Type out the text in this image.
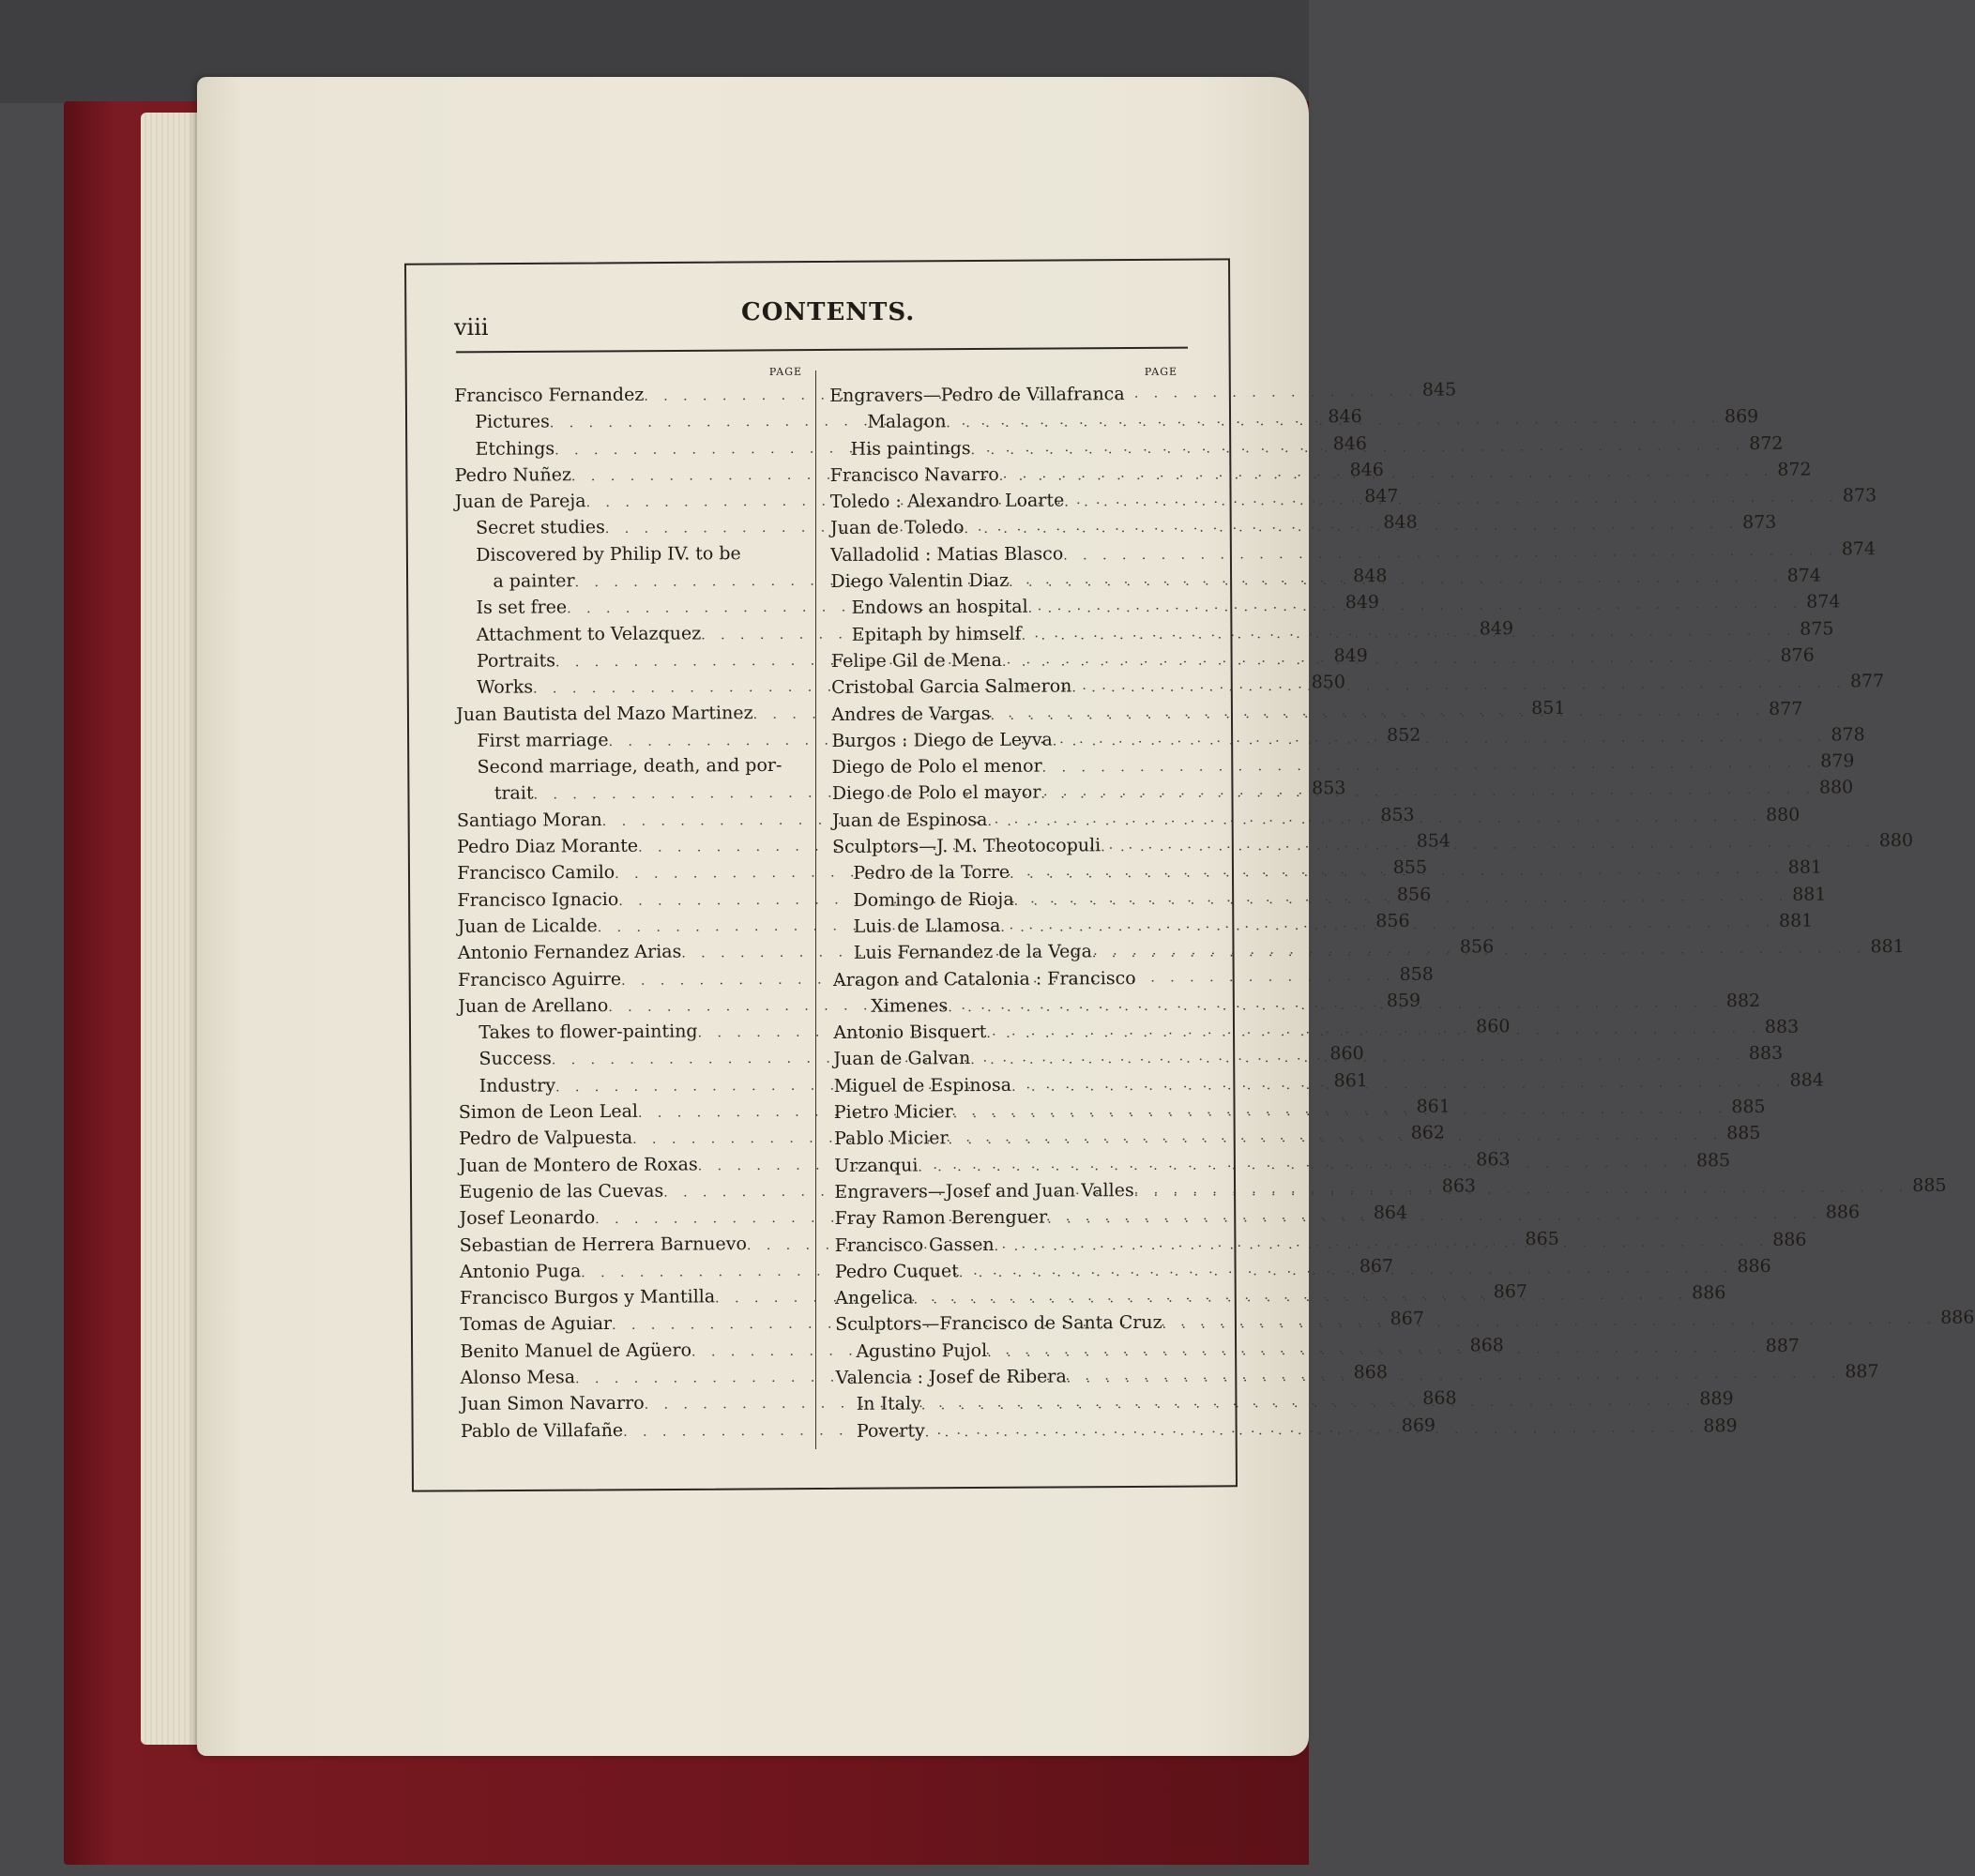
viii

CONTENTS.
PAGE
Francisco Fernandez . . .	845
Pictures . . .	846
Etchings . . .	846
Pedro Nuñez . . .	846
Juan de Pareja . . .	847
Secret studies . . .	848
Discovered by Philip IV. to be
a painter . . .	848
Is set free . . .	849
Attachment to Velazquez . . .	849
Portraits . . .	849
Works . . .	850
Juan Bautista del Mazo Martinez . . .	851
First marriage . . .	852
Second marriage, death, and por-
trait . . .	853
Santiago Moran . . .	853
Pedro Diaz Morante . . .	854
Francisco Camilo . . .	855
Francisco Ignacio . . .	856
Juan de Licalde . . .	856
Antonio Fernandez Arias . . .	856
Francisco Aguirre . . .	858
Juan de Arellano . . .	859
Takes to flower-painting . . .	860
Success . . .	860
Industry . . .	861
Simon de Leon Leal . . .	861
Pedro de Valpuesta . . .	862
Juan de Montero de Roxas . . .	863
Eugenio de las Cuevas . . .	863
Josef Leonardo . . .	864
Sebastian de Herrera Barnuevo . . .	865
Antonio Puga . . .	867
Francisco Burgos y Mantilla . . .	867
Tomas de Aguiar . . .	867
Benito Manuel de Agüero . . .	868
Alonso Mesa . . .	868
Juan Simon Navarro . . .	868
Pablo de Villafañe . . .	869
PAGE
Engravers—Pedro de Villafranca
Malagon . . .	869
His paintings . . .	872
Francisco Navarro . . .	872
Toledo : Alexandro Loarte . . .	873
Juan de Toledo . . .	873
Valladolid : Matias Blasco . . .	874
Diego Valentin Diaz . . .	874
Endows an hospital . . .	874
Epitaph by himself . . .	875
Felipe Gil de Mena . . .	876
Cristobal Garcia Salmeron . . .	877
Andres de Vargas . . .	877
Burgos : Diego de Leyva . . .	878
Diego de Polo el menor . . .	879
Diego de Polo el mayor . . .	880
Juan de Espinosa . . .	880
Sculptors—J. M. Theotocopuli . . .	880
Pedro de la Torre . . .	881
Domingo de Rioja . . .	881
Luis de Llamosa . . .	881
Luis Fernandez de la Vega . . .	881
Aragon and Catalonia : Francisco
Ximenes . . .	882
Antonio Bisquert . . .	883
Juan de Galvan . . .	883
Miguel de Espinosa . . .	884
Pietro Micier . . .	885
Pablo Micier . . .	885
Urzanqui . . .	885
Engravers—Josef and Juan Valles . . .	885
Fray Ramon Berenguer . . .	886
Francisco Gassen . . .	886
Pedro Cuquet . . .	886
Angelica . . .	886
Sculptors—Francisco de Santa Cruz . . .	886
Agustino Pujol . . .	887
Valencia : Josef de Ribera . . .	887
In Italy . . .	889
Poverty . . .	889
